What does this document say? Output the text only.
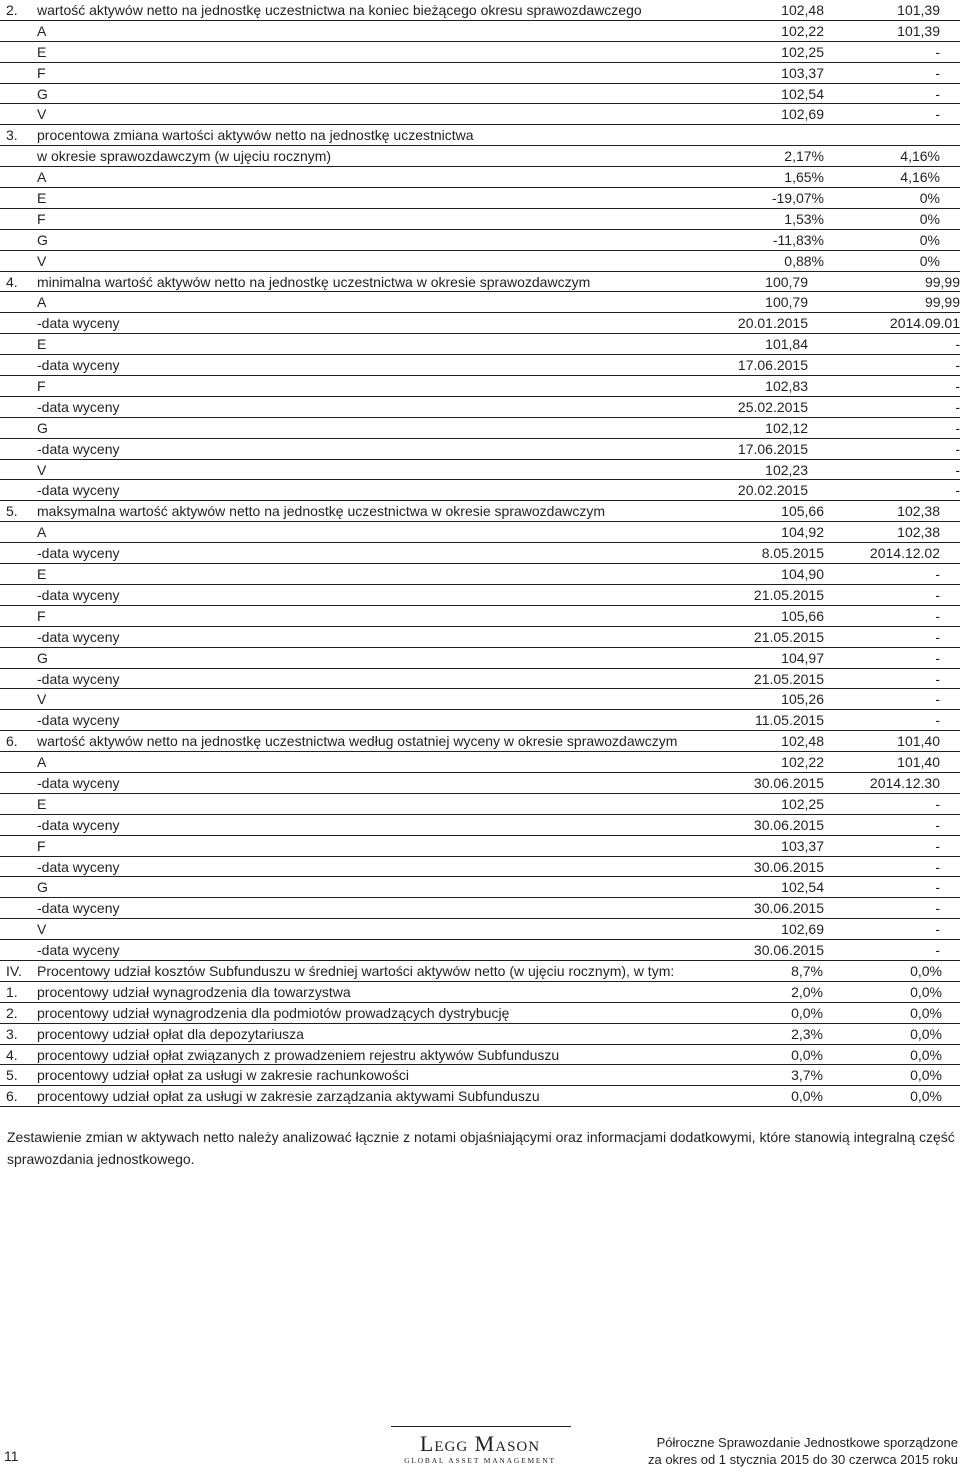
2. wartość aktywów netto na jednostkę uczestnictwa na koniec bieżącego okresu sprawozdawczego	102,48	101,39
A	102,22	101,39
E	102,25	-
F	103,37	-
G	102,54	-
V	102,69	-
3. procentowa zmiana wartości aktywów netto na jednostkę uczestnictwa
w okresie sprawozdawczym (w ujęciu rocznym)	2,17%	4,16%
A	1,65%	4,16%
E	-19,07%	0%
F	1,53%	0%
G	-11,83%	0%
V	0,88%	0%
4. minimalna wartość aktywów netto na jednostkę uczestnictwa w okresie sprawozdawczym	100,79	99,99
A	100,79	99,99
-data wyceny	20.01.2015	2014.09.01
E	101,84	-
-data wyceny	17.06.2015	-
F	102,83	-
-data wyceny	25.02.2015	-
G	102,12	-
-data wyceny	17.06.2015	-
V	102,23	-
-data wyceny	20.02.2015	-
5. maksymalna wartość aktywów netto na jednostkę uczestnictwa w okresie sprawozdawczym	105,66	102,38
A	104,92	102,38
-data wyceny	8.05.2015	2014.12.02
E	104,90	-
-data wyceny	21.05.2015	-
F	105,66	-
-data wyceny	21.05.2015	-
G	104,97	-
-data wyceny	21.05.2015	-
V	105,26	-
-data wyceny	11.05.2015	-
6. wartość aktywów netto na jednostkę uczestnictwa według ostatniej wyceny w okresie sprawozdawczym	102,48	101,40
A	102,22	101,40
-data wyceny	30.06.2015	2014.12.30
E	102,25	-
-data wyceny	30.06.2015	-
F	103,37	-
-data wyceny	30.06.2015	-
G	102,54	-
-data wyceny	30.06.2015	-
V	102,69	-
-data wyceny	30.06.2015	-
IV. Procentowy udział kosztów Subfunduszu w średniej wartości aktywów netto (w ujęciu rocznym), w tym:	8,7%	0,0%
1. procentowy udział wynagrodzenia dla towarzystwa	2,0%	0,0%
2. procentowy udział wynagrodzenia dla podmiotów prowadzących dystrybucję	0,0%	0,0%
3. procentowy udział opłat dla depozytariusza	2,3%	0,0%
4. procentowy udział opłat związanych z prowadzeniem rejestru aktywów Subfunduszu	0,0%	0,0%
5. procentowy udział opłat za usługi w zakresie rachunkowości	3,7%	0,0%
6. procentowy udział opłat za usługi w zakresie zarządzania aktywami Subfunduszu	0,0%	0,0%

Zestawienie zmian w aktywach netto należy analizować łącznie z notami objaśniającymi oraz informacjami dodatkowymi, które stanowią integralną część sprawozdania jednostkowego.

11	Legg Mason
GLOBAL ASSET MANAGEMENT
Półroczne Sprawozdanie Jednostkowe sporządzone
za okres od 1 stycznia 2015 do 30 czerwca 2015 roku
